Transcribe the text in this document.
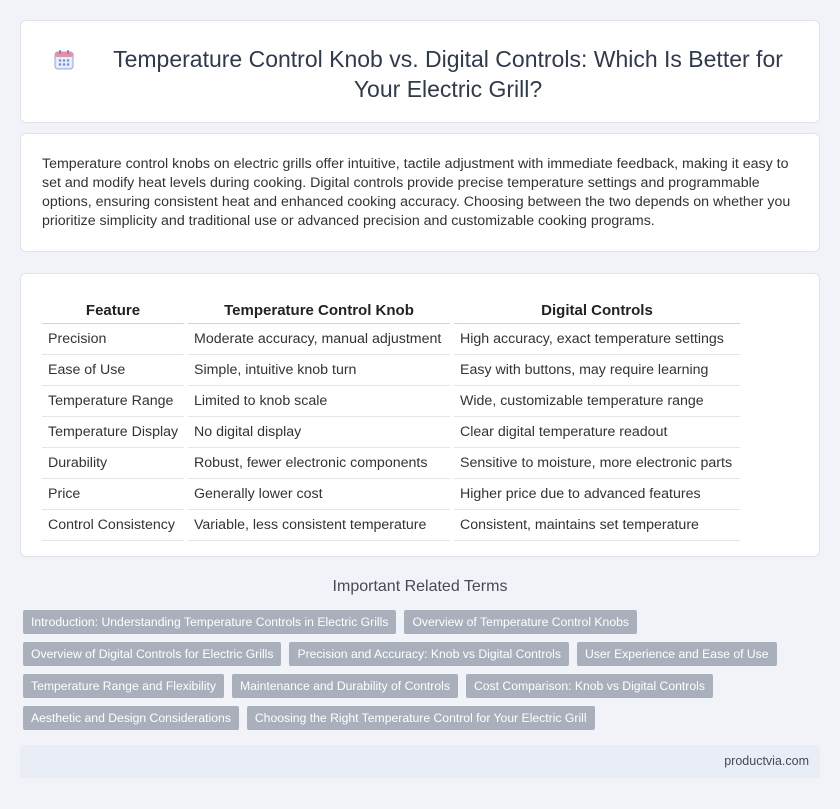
Temperature Control Knob vs. Digital Controls: Which Is Better for Your Electric Grill?

Temperature control knobs on electric grills offer intuitive, tactile adjustment with immediate feedback, making it easy to set and modify heat levels during cooking. Digital controls provide precise temperature settings and programmable options, ensuring consistent heat and enhanced cooking accuracy. Choosing between the two depends on whether you prioritize simplicity and traditional use or advanced precision and customizable cooking programs.

Feature		Temperature Control Knob		Digital Controls
Precision		Moderate accuracy, manual adjustment		High accuracy, exact temperature settings
Ease of Use		Simple, intuitive knob turn		Easy with buttons, may require learning
Temperature Range		Limited to knob scale		Wide, customizable temperature range
Temperature Display		No digital display		Clear digital temperature readout
Durability		Robust, fewer electronic components		Sensitive to moisture, more electronic parts
Price		Generally lower cost		Higher price due to advanced features
Control Consistency		Variable, less consistent temperature		Consistent, maintains set temperature
Important Related Terms
Introduction: Understanding Temperature Controls in Electric Grills	Overview of Temperature Control Knobs
Overview of Digital Controls for Electric Grills	Precision and Accuracy: Knob vs Digital Controls	User Experience and Ease of Use
Temperature Range and Flexibility	Maintenance and Durability of Controls	Cost Comparison: Knob vs Digital Controls
Aesthetic and Design Considerations	Choosing the Right Temperature Control for Your Electric Grill
productvia.com
